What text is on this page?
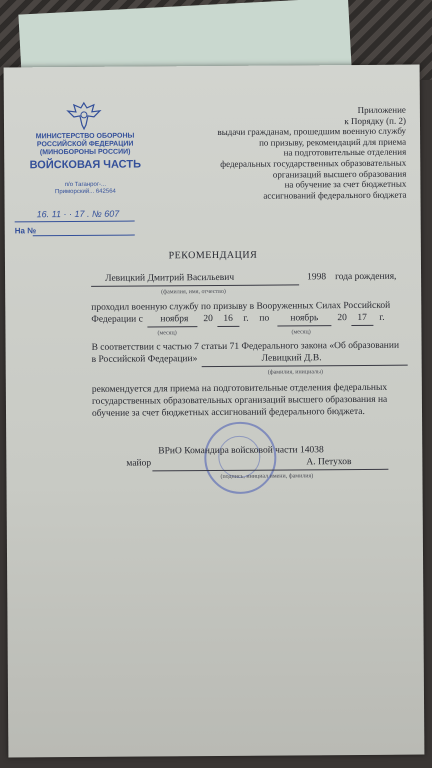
Приложение
к Порядку (п. 2)
выдачи гражданам, прошедшим военную службу
по призыву, рекомендаций для приема
на подготовительные отделения
федеральных государственных образовательных
организаций высшего образования
на обучение за счет бюджетных
ассигнований федерального бюджета
МИНИСТЕРСТВО ОБОРОНЫ
РОССИЙСКОЙ ФЕДЕРАЦИИ
(МИНОБОРОНЫ РОССИИ)
ВОЙСКОВАЯ ЧАСТЬ
п/о Таганрог-...
Приморский... 642564
16. 11 · · 17 . № 607
На №
РЕКОМЕНДАЦИЯ
Левицкий Дмитрий Васильевич	1998 года рождения,
(фамилия, имя, отчество)
проходил военную службу по призыву в Вооруженных Силах Российской
Федерации с ноября 20 16 г. по ноябрь 20 17 г.
(месяц)	(месяц)
В соответствии с частью 7 статьи 71 Федерального закона «Об образовании
в Российской Федерации»	Левицкий Д.В.
(фамилия, инициалы)
рекомендуется для приема на подготовительные отделения федеральных
государственных образовательных организаций высшего образования на
обучение за счет бюджетных ассигнований федерального бюджета.
ВРиО Командира войсковой части 14038
майор	А. Петухов
(подпись, инициал имени, фамилия)
